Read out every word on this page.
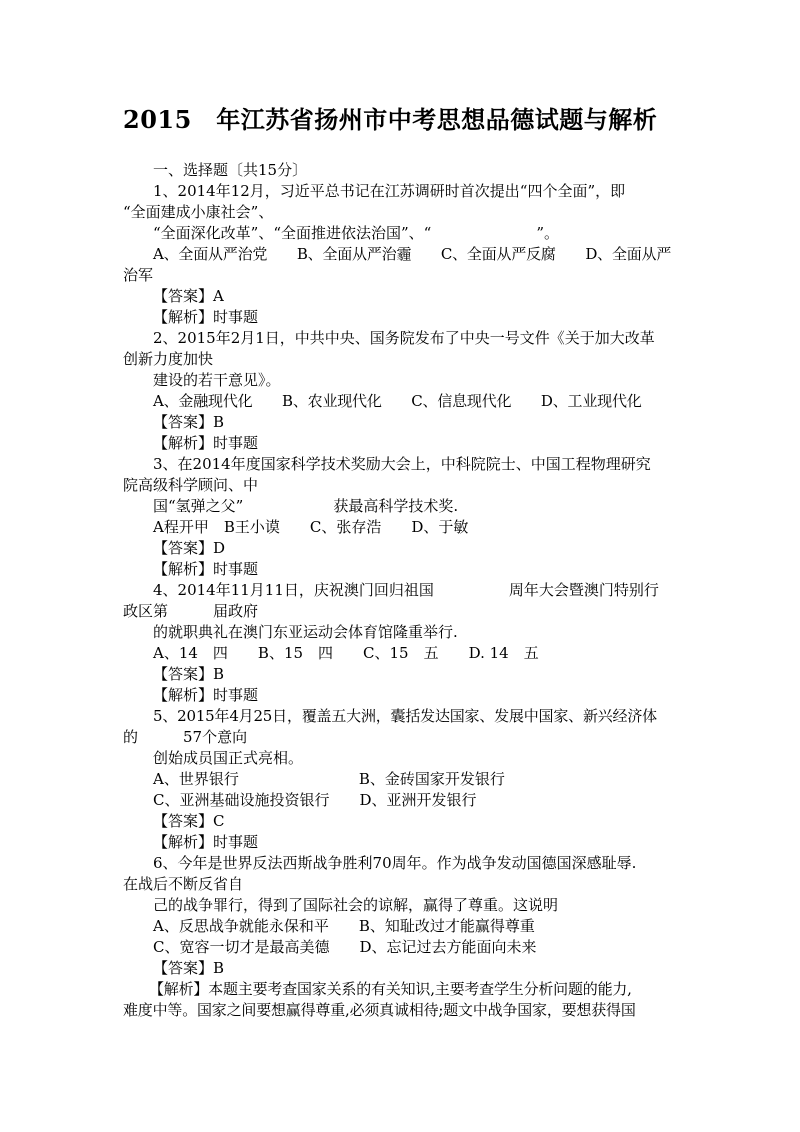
2015　年江苏省扬州市中考思想品德试题与解析
一、选择题〔共15分〕
1、2014年12月，习近平总书记在江苏调研时首次提出“四个全面”，即
“全面建成小康社会”、
“全面深化改革”、“全面推进依法治国”、“　　　　　　　”。
A、全面从严治党　　B、全面从严治霾　　C、全面从严反腐　　D、全面从严
治军
【答案】A
【解析】时事题
2、2015年2月1日，中共中央、国务院发布了中央一号文件《关于加大改革
创新力度加快
建设的若干意见》。
A、金融现代化　　B、农业现代化　　C、信息现代化　　D、工业现代化
【答案】B
【解析】时事题
3、在2014年度国家科学技术奖励大会上，中科院院士、中国工程物理研究
院高级科学顾问、中
国“氢弹之父”　　　　　　获最高科学技术奖.
A程开甲　B王小谟　　C、张存浩　　D、于敏
【答案】D
【解析】时事题
4、2014年11月11日，庆祝澳门回归祖国　　　　　周年大会暨澳门特别行
政区第　　　届政府
的就职典礼在澳门东亚运动会体育馆隆重举行.
A、14　四　　B、15　四　　C、15　五　　D. 14　五
【答案】B
【解析】时事题
5、2015年4月25日，覆盖五大洲，囊括发达国家、发展中国家、新兴经济体
的　　　57个意向
创始成员国正式亮相。
A、世界银行　　　　　　　　B、金砖国家开发银行
C、亚洲基础设施投资银行　　D、亚洲开发银行
【答案】C
【解析】时事题
6、今年是世界反法西斯战争胜利70周年。作为战争发动国德国深感耻辱.
在战后不断反省自
己的战争罪行，得到了国际社会的谅解，赢得了尊重。这说明
A、反思战争就能永保和平　　B、知耻改过才能赢得尊重
C、宽容一切才是最高美德　　D、忘记过去方能面向未来
【答案】B
【解析】本题主要考查国家关系的有关知识,主要考查学生分析问题的能力,
难度中等。国家之间要想赢得尊重,必须真诚相待;题文中战争国家，要想获得国
